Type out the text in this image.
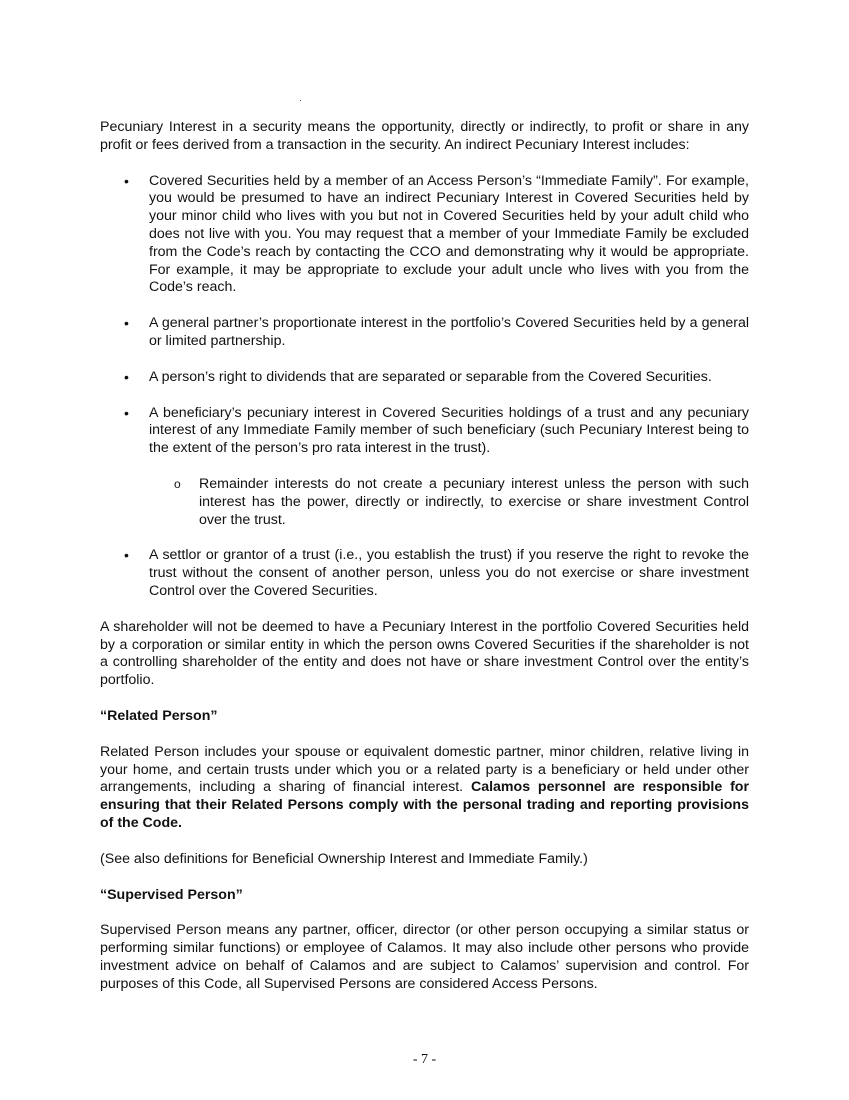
Pecuniary Interest in a security means the opportunity, directly or indirectly, to profit or share in any profit or fees derived from a transaction in the security. An indirect Pecuniary Interest includes:

• Covered Securities held by a member of an Access Person’s “Immediate Family”. For example, you would be presumed to have an indirect Pecuniary Interest in Covered Securities held by your minor child who lives with you but not in Covered Securities held by your adult child who does not live with you. You may request that a member of your Immediate Family be excluded from the Code’s reach by contacting the CCO and demonstrating why it would be appropriate. For example, it may be appropriate to exclude your adult uncle who lives with you from the Code’s reach.

• A general partner’s proportionate interest in the portfolio’s Covered Securities held by a general or limited partnership.

• A person’s right to dividends that are separated or separable from the Covered Securities.

• A beneficiary’s pecuniary interest in Covered Securities holdings of a trust and any pecuniary interest of any Immediate Family member of such beneficiary (such Pecuniary Interest being to the extent of the person’s pro rata interest in the trust).

o Remainder interests do not create a pecuniary interest unless the person with such interest has the power, directly or indirectly, to exercise or share investment Control over the trust.

• A settlor or grantor of a trust (i.e., you establish the trust) if you reserve the right to revoke the trust without the consent of another person, unless you do not exercise or share investment Control over the Covered Securities.

A shareholder will not be deemed to have a Pecuniary Interest in the portfolio Covered Securities held by a corporation or similar entity in which the person owns Covered Securities if the shareholder is not a controlling shareholder of the entity and does not have or share investment Control over the entity’s portfolio.

“Related Person”

Related Person includes your spouse or equivalent domestic partner, minor children, relative living in your home, and certain trusts under which you or a related party is a beneficiary or held under other arrangements, including a sharing of financial interest. Calamos personnel are responsible for ensuring that their Related Persons comply with the personal trading and reporting provisions of the Code.

(See also definitions for Beneficial Ownership Interest and Immediate Family.)

“Supervised Person”

Supervised Person means any partner, officer, director (or other person occupying a similar status or performing similar functions) or employee of Calamos. It may also include other persons who provide investment advice on behalf of Calamos and are subject to Calamos’ supervision and control. For purposes of this Code, all Supervised Persons are considered Access Persons.

- 7 -
